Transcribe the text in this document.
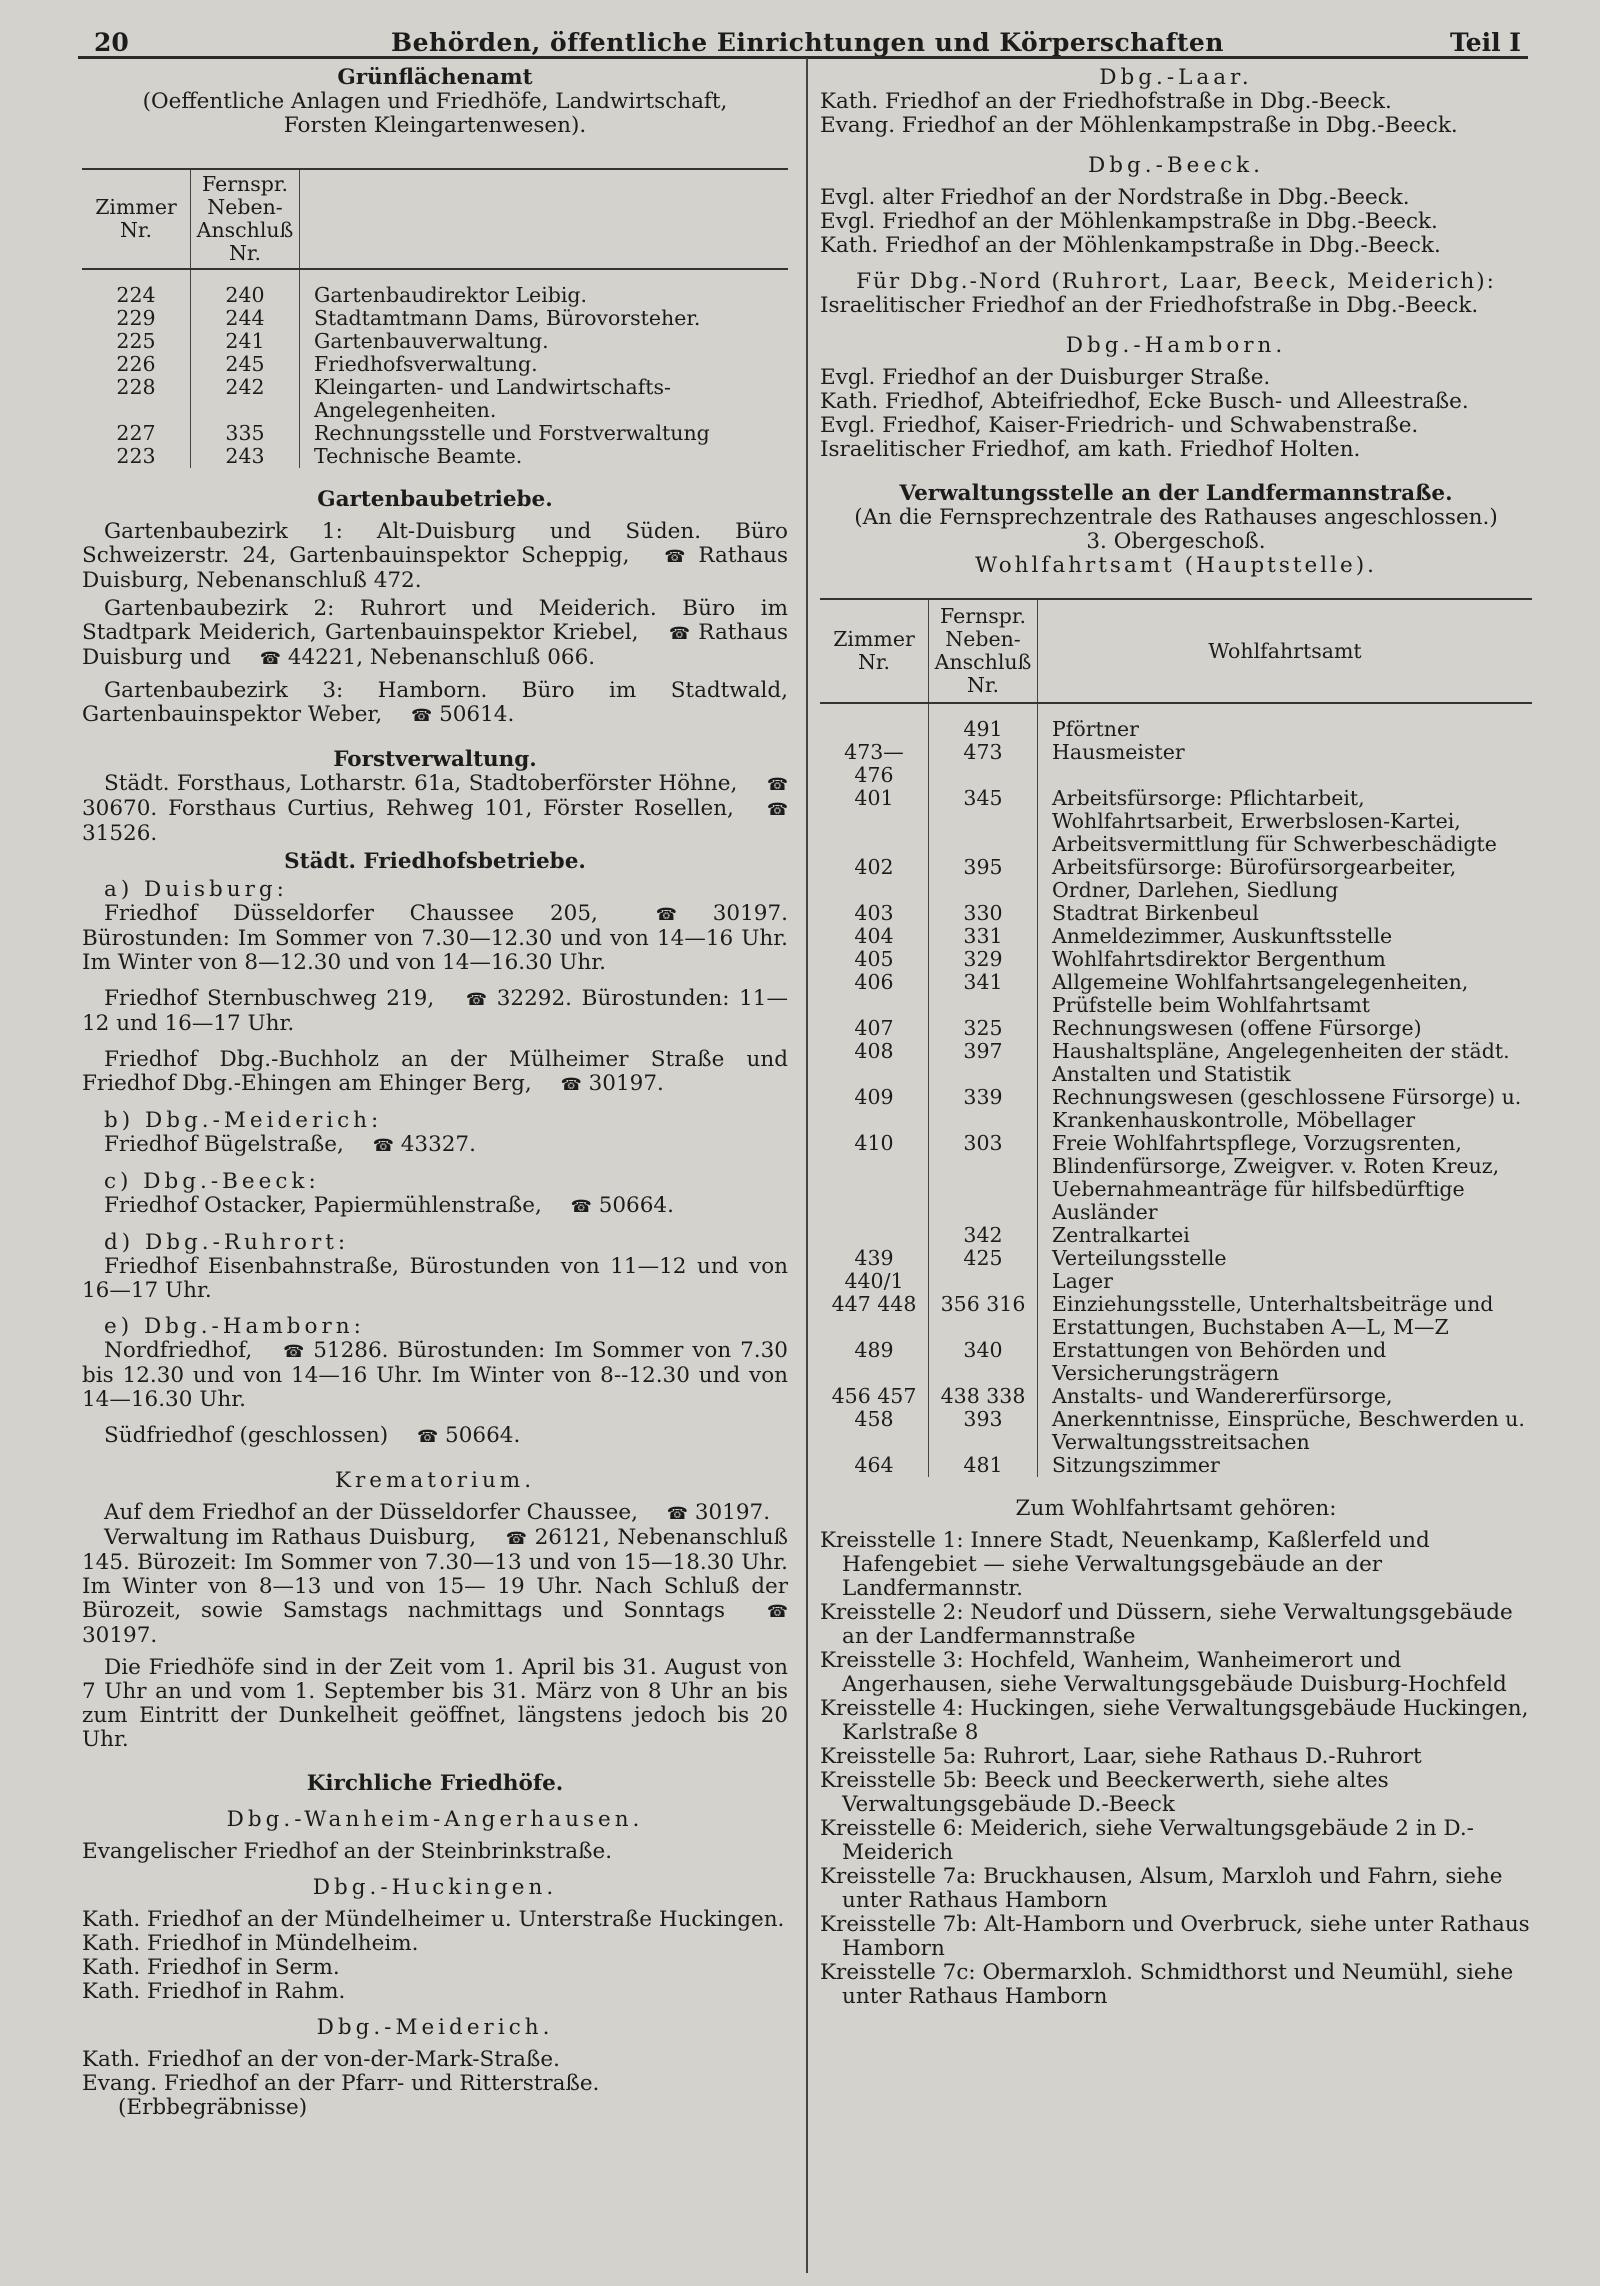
20	Behörden, öffentliche Einrichtungen und Körperschaften	Teil I

Grünflächenamt

(Oeffentliche Anlagen und Friedhöfe, Landwirtschaft, Forsten Kleingartenwesen).

Zimmer Nr.	Fernspr. Neben- Anschluß Nr.	

224	240	Gartenbaudirektor Leibig.
229	244	Stadtamtmann Dams, Bürovorsteher.
225	241	Gartenbauverwaltung.
226	245	Friedhofsverwaltung.
228	242	Kleingarten- und Landwirtschafts- Angelegenheiten.
227	335	Rechnungsstelle und Forstverwaltung
223	243	Technische Beamte.

Gartenbaubetriebe.

Gartenbaubezirk 1: Alt-Duisburg und Süden. Büro Schweizerstr. 24, Gartenbauinspektor Scheppig, ☎ Rathaus Duisburg, Nebenanschluß 472.

Gartenbaubezirk 2: Ruhrort und Meiderich. Büro im Stadtpark Meiderich, Gartenbauinspektor Kriebel, ☎ Rathaus Duisburg und ☎ 44221, Nebenanschluß 066.

Gartenbaubezirk 3: Hamborn. Büro im Stadtwald, Gartenbauinspektor Weber, ☎ 50614.

Forstverwaltung.

Städt. Forsthaus, Lotharstr. 61a, Stadtoberförster Höhne, ☎ 30670. Forsthaus Curtius, Rehweg 101, Förster Rosellen, ☎ 31526.

Städt. Friedhofsbetriebe.

a) Duisburg:

Friedhof Düsseldorfer Chaussee 205,	☎ 30197. Bürostunden: Im Sommer von 7.30—12.30 und von 14—16 Uhr. Im Winter von 8—12.30 und von 14—16.30 Uhr.

Friedhof Sternbuschweg 219, ☎ 32292. Bürostunden: 11—12 und 16—17 Uhr.

Friedhof Dbg.-Buchholz an der Mülheimer Straße und Friedhof Dbg.-Ehingen am Ehinger Berg, ☎ 30197.

b) Dbg.-Meiderich:

Friedhof Bügelstraße, ☎ 43327.

c) Dbg.-Beeck:

Friedhof Ostacker, Papiermühlenstraße, ☎ 50664.

d) Dbg.-Ruhrort:

Friedhof Eisenbahnstraße, Bürostunden von 11—12 und von 16—17 Uhr.

e) Dbg.-Hamborn:

Nordfriedhof, ☎ 51286. Bürostunden: Im Sommer von 7.30 bis 12.30 und von 14—16 Uhr. Im Winter von 8--12.30 und von 14—16.30 Uhr.

Südfriedhof (geschlossen) ☎ 50664.

Krematorium.

Auf dem Friedhof an der Düsseldorfer Chaussee, ☎ 30197.

Verwaltung im Rathaus Duisburg, ☎ 26121, Nebenanschluß 145. Bürozeit: Im Sommer von 7.30—13 und von 15—18.30 Uhr. Im Winter von 8—13 und von 15— 19 Uhr. Nach Schluß der Bürozeit, sowie Samstags nachmittags und Sonntags ☎ 30197.

Die Friedhöfe sind in der Zeit vom 1. April bis 31. August von 7 Uhr an und vom 1. September bis 31. März von 8 Uhr an bis zum Eintritt der Dunkelheit geöffnet, längstens jedoch bis 20 Uhr.

Kirchliche Friedhöfe.

Dbg.-Wanheim-Angerhausen.

Evangelischer Friedhof an der Steinbrinkstraße.

Dbg.-Huckingen.

Kath. Friedhof an der Mündelheimer u. Unterstraße Huckingen.

Kath. Friedhof in Mündelheim.

Kath. Friedhof in Serm.

Kath. Friedhof in Rahm.

Dbg.-Meiderich.

Kath. Friedhof an der von-der-Mark-Straße.

Evang. Friedhof an der Pfarr- und Ritterstraße.

(Erbbegräbnisse)

Dbg.-Laar.

Kath. Friedhof an der Friedhofstraße in Dbg.-Beeck.

Evang. Friedhof an der Möhlenkampstraße in Dbg.-Beeck.

Dbg.-Beeck.

Evgl. alter Friedhof an der Nordstraße in Dbg.-Beeck.

Evgl. Friedhof an der Möhlenkampstraße in Dbg.-Beeck.

Kath. Friedhof an der Möhlenkampstraße in Dbg.-Beeck.

Für Dbg.-Nord (Ruhrort, Laar, Beeck, Meiderich):

Israelitischer Friedhof an der Friedhofstraße in Dbg.-Beeck.

Dbg.-Hamborn.

Evgl. Friedhof an der Duisburger Straße.

Kath. Friedhof, Abteifriedhof, Ecke Busch- und Alleestraße.

Evgl. Friedhof, Kaiser-Friedrich- und Schwabenstraße.

Israelitischer Friedhof, am kath. Friedhof Holten.

Verwaltungsstelle an der Landfermannstraße.

(An die Fernsprechzentrale des Rathauses angeschlossen.)

3. Obergeschoß.

Wohlfahrtsamt (Hauptstelle).

Zimmer Nr.	Fernspr. Neben- Anschluß Nr.	Wohlfahrtsamt

	491	Pförtner
473—476	473	Hausmeister
401	345	Arbeitsfürsorge: Pflichtarbeit, Wohlfahrtsarbeit, Erwerbslosen-Kartei, Arbeitsvermittlung für Schwerbeschädigte
402	395	Arbeitsfürsorge: Bürofürsorgearbeiter, Ordner, Darlehen, Siedlung
403	330	Stadtrat Birkenbeul
404	331	Anmeldezimmer, Auskunftsstelle
405	329	Wohlfahrtsdirektor Bergenthum
406	341	Allgemeine Wohlfahrtsangelegenheiten, Prüfstelle beim Wohlfahrtsamt
407	325	Rechnungswesen (offene Fürsorge)
408	397	Haushaltspläne, Angelegenheiten der städt. Anstalten und Statistik
409	339	Rechnungswesen (geschlossene Fürsorge) u. Krankenhauskontrolle, Möbellager
410	303	Freie Wohlfahrtspflege, Vorzugsrenten, Blindenfürsorge, Zweigver. v. Roten Kreuz, Uebernahmeanträge für hilfsbedürftige Ausländer
	342	Zentralkartei
439	425	Verteilungsstelle
440/1		Lager
447 448	356 316	Einziehungsstelle, Unterhaltsbeiträge und Erstattungen, Buchstaben A—L, M—Z
489	340	Erstattungen von Behörden und Versicherungsträgern
456 457 458	438 338 393	Anstalts- und Wandererfürsorge, Anerkenntnisse, Einsprüche, Beschwerden u. Verwaltungsstreitsachen
464	481	Sitzungszimmer

Zum Wohlfahrtsamt gehören:

Kreisstelle 1: Innere Stadt, Neuenkamp, Kaßlerfeld und Hafengebiet — siehe Verwaltungsgebäude an der Landfermannstr.

Kreisstelle 2: Neudorf und Düssern, siehe Verwaltungsgebäude an der Landfermannstraße

Kreisstelle 3: Hochfeld, Wanheim, Wanheimerort und Angerhausen, siehe Verwaltungsgebäude Duisburg-Hochfeld

Kreisstelle 4: Huckingen, siehe Verwaltungsgebäude Huckingen, Karlstraße 8

Kreisstelle 5a: Ruhrort, Laar, siehe Rathaus D.-Ruhrort

Kreisstelle 5b: Beeck und Beeckerwerth, siehe altes Verwaltungsgebäude D.-Beeck

Kreisstelle 6: Meiderich, siehe Verwaltungsgebäude 2 in D.-Meiderich

Kreisstelle 7a: Bruckhausen, Alsum, Marxloh und Fahrn, siehe unter Rathaus Hamborn

Kreisstelle 7b: Alt-Hamborn und Overbruck, siehe unter Rathaus Hamborn

Kreisstelle 7c: Obermarxloh. Schmidthorst und Neumühl, siehe unter Rathaus Hamborn
